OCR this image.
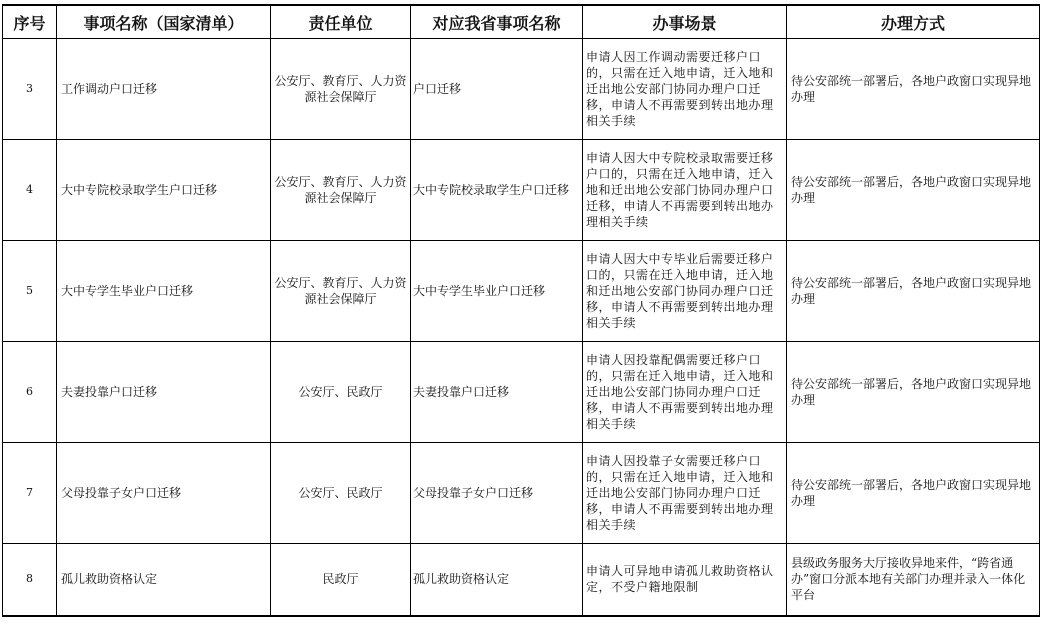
序号	事项名称（国家清单）	责任单位	对应我省事项名称	办事场景	办理方式
3	工作调动户口迁移	公安厅、教育厅、人力资源社会保障厅	户口迁移	申请人因工作调动需要迁移户口的，只需在迁入地申请，迁入地和迁出地公安部门协同办理户口迁移，申请人不再需要到转出地办理相关手续	待公安部统一部署后，各地户政窗口实现异地办理
4	大中专院校录取学生户口迁移	公安厅、教育厅、人力资源社会保障厅	大中专院校录取学生户口迁移	申请人因大中专院校录取需要迁移户口的，只需在迁入地申请，迁入地和迁出地公安部门协同办理户口迁移，申请人不再需要到转出地办理相关手续	待公安部统一部署后，各地户政窗口实现异地办理
5	大中专学生毕业户口迁移	公安厅、教育厅、人力资源社会保障厅	大中专学生毕业户口迁移	申请人因大中专毕业后需要迁移户口的，只需在迁入地申请，迁入地和迁出地公安部门协同办理户口迁移，申请人不再需要到转出地办理相关手续	待公安部统一部署后，各地户政窗口实现异地办理
6	夫妻投靠户口迁移	公安厅、民政厅	夫妻投靠户口迁移	申请人因投靠配偶需要迁移户口的，只需在迁入地申请，迁入地和迁出地公安部门协同办理户口迁移，申请人不再需要到转出地办理相关手续	待公安部统一部署后，各地户政窗口实现异地办理
7	父母投靠子女户口迁移	公安厅、民政厅	父母投靠子女户口迁移	申请人因投靠子女需要迁移户口的，只需在迁入地申请，迁入地和迁出地公安部门协同办理户口迁移，申请人不再需要到转出地办理相关手续	待公安部统一部署后，各地户政窗口实现异地办理
8	孤儿救助资格认定	民政厅	孤儿救助资格认定	申请人可异地申请孤儿救助资格认定，不受户籍地限制	县级政务服务大厅接收异地来件，“跨省通办”窗口分派本地有关部门办理并录入一体化平台
